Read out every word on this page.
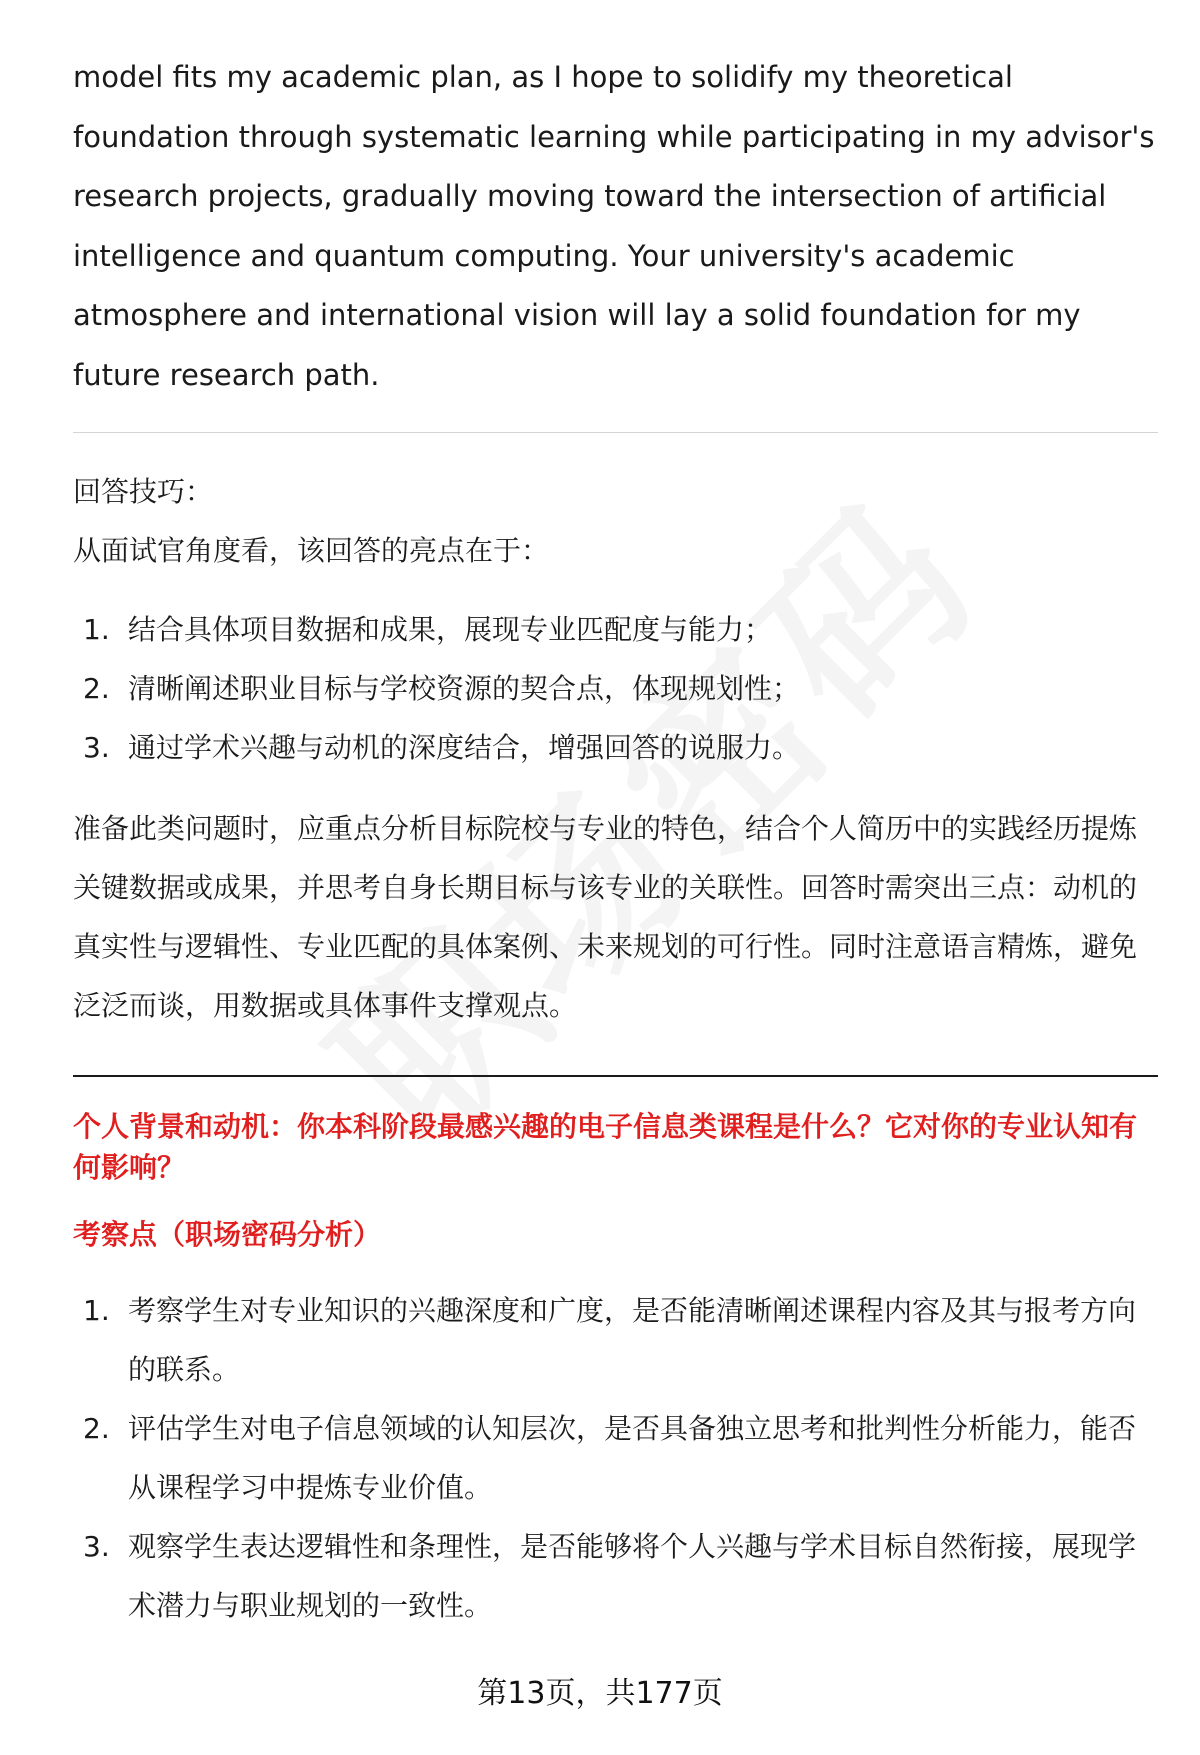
model fits my academic plan, as I hope to solidify my theoretical foundation through systematic learning while participating in my advisor's research projects, gradually moving toward the intersection of artificial intelligence and quantum computing. Your university's academic atmosphere and international vision will lay a solid foundation for my future research path.

回答技巧：

从面试官角度看，该回答的亮点在于：

1. 结合具体项目数据和成果，展现专业匹配度与能力；
2. 清晰阐述职业目标与学校资源的契合点，体现规划性；
3. 通过学术兴趣与动机的深度结合，增强回答的说服力。

准备此类问题时，应重点分析目标院校与专业的特色，结合个人简历中的实践经历提炼关键数据或成果，并思考自身长期目标与该专业的关联性。回答时需突出三点：动机的真实性与逻辑性、专业匹配的具体案例、未来规划的可行性。同时注意语言精炼，避免泛泛而谈，用数据或具体事件支撑观点。

个人背景和动机：你本科阶段最感兴趣的电子信息类课程是什么？它对你的专业认知有何影响？

考察点（职场密码分析）

1. 考察学生对专业知识的兴趣深度和广度，是否能清晰阐述课程内容及其与报考方向的联系。
2. 评估学生对电子信息领域的认知层次，是否具备独立思考和批判性分析能力，能否从课程学习中提炼专业价值。
3. 观察学生表达逻辑性和条理性，是否能够将个人兴趣与学术目标自然衔接，展现学术潜力与职业规划的一致性。
第13页，共177页
